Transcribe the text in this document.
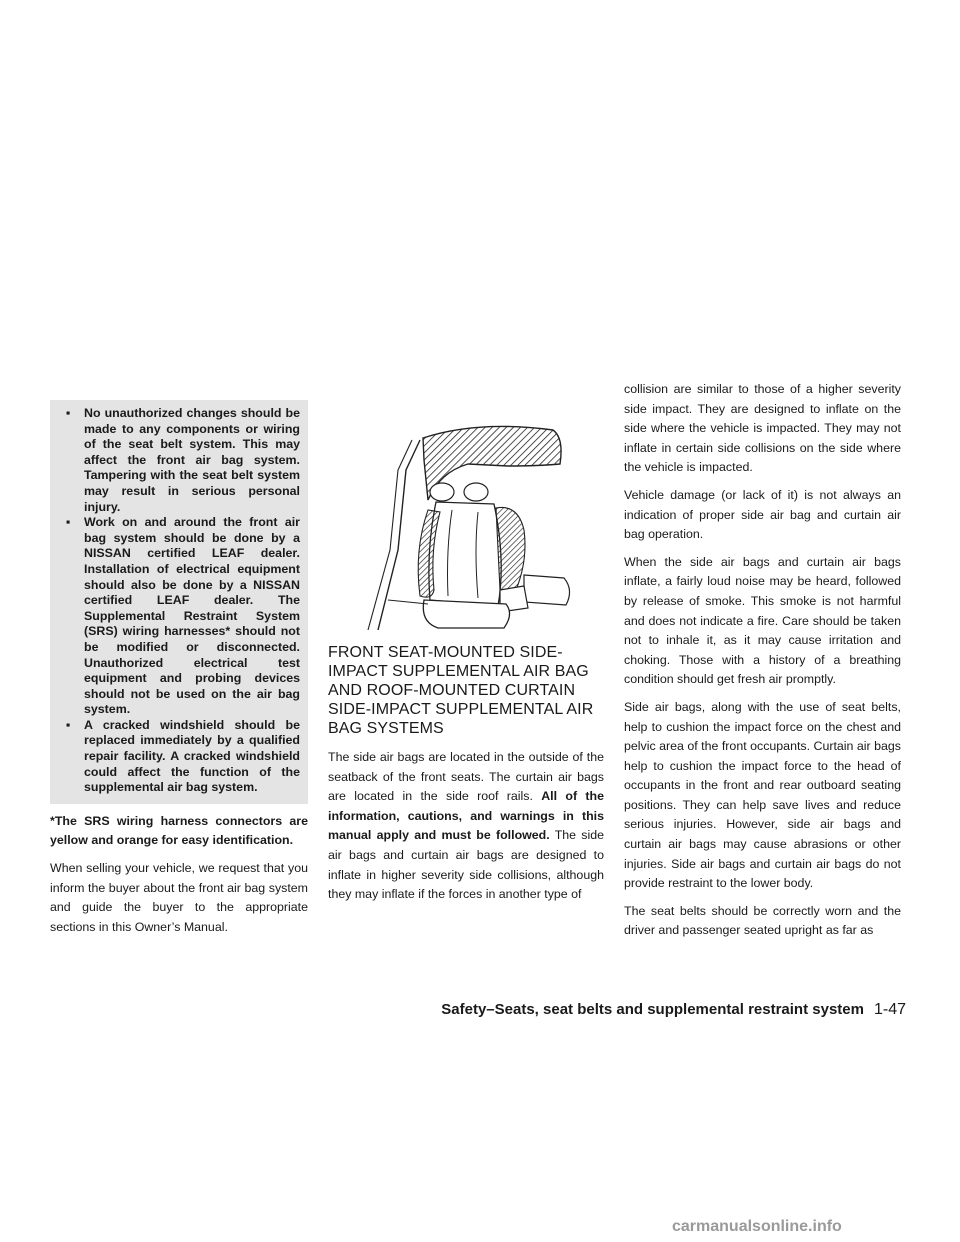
▪ No unauthorized changes should be made to any components or wiring of the seat belt system. This may affect the front air bag system. Tampering with the seat belt system may result in serious personal injury.
▪ Work on and around the front air bag system should be done by a NISSAN certified LEAF dealer. Installation of electrical equipment should also be done by a NISSAN certified LEAF dealer. The Supplemental Restraint System (SRS) wiring harnesses* should not be modified or disconnected. Unauthorized electrical test equipment and probing devices should not be used on the air bag system.
▪ A cracked windshield should be replaced immediately by a qualified repair facility. A cracked windshield could affect the function of the supplemental air bag system.

*The SRS wiring harness connectors are yellow and orange for easy identification.

When selling your vehicle, we request that you inform the buyer about the front air bag system and guide the buyer to the appropriate sections in this Owner’s Manual.

FRONT SEAT-MOUNTED SIDE-IMPACT SUPPLEMENTAL AIR BAG AND ROOF-MOUNTED CURTAIN SIDE-IMPACT SUPPLEMENTAL AIR BAG SYSTEMS

The side air bags are located in the outside of the seatback of the front seats. The curtain air bags are located in the side roof rails. All of the information, cautions, and warnings in this manual apply and must be followed. The side air bags and curtain air bags are designed to inflate in higher severity side collisions, although they may inflate if the forces in another type of

collision are similar to those of a higher severity side impact. They are designed to inflate on the side where the vehicle is impacted. They may not inflate in certain side collisions on the side where the vehicle is impacted.

Vehicle damage (or lack of it) is not always an indication of proper side air bag and curtain air bag operation.

When the side air bags and curtain air bags inflate, a fairly loud noise may be heard, followed by release of smoke. This smoke is not harmful and does not indicate a fire. Care should be taken not to inhale it, as it may cause irritation and choking. Those with a history of a breathing condition should get fresh air promptly.

Side air bags, along with the use of seat belts, help to cushion the impact force on the chest and pelvic area of the front occupants. Curtain air bags help to cushion the impact force to the head of occupants in the front and rear outboard seating positions. They can help save lives and reduce serious injuries. However, side air bags and curtain air bags may cause abrasions or other injuries. Side air bags and curtain air bags do not provide restraint to the lower body.

The seat belts should be correctly worn and the driver and passenger seated upright as far as

Safety–Seats, seat belts and supplemental restraint system 1-47
carmanualsonline.info
